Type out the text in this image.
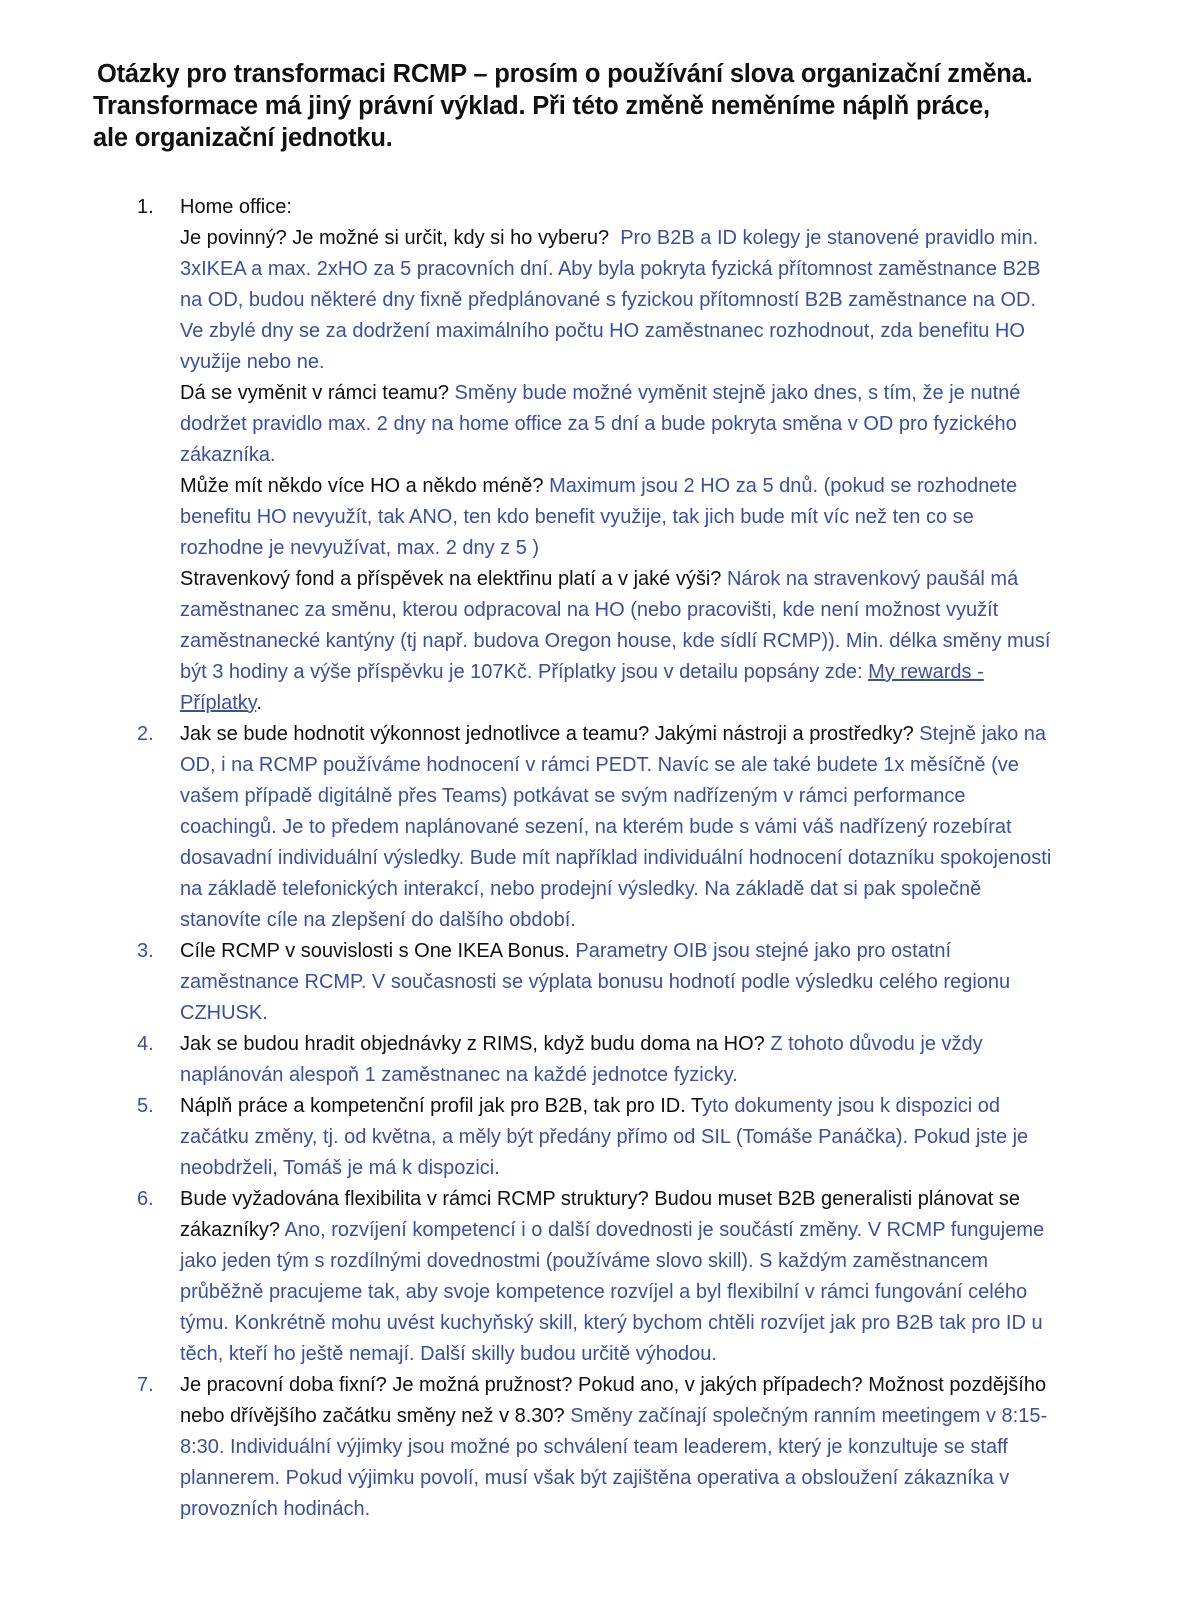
Otázky pro transformaci RCMP – prosím o používání slova organizační změna.
Transformace má jiný právní výklad. Při této změně neměníme náplň práce,
ale organizační jednotku.
1. Home office:
Je povinný? Je možné si určit, kdy si ho vyberu? Pro B2B a ID kolegy je stanovené pravidlo min. 3xIKEA a max. 2xHO za 5 pracovních dní. Aby byla pokryta fyzická přítomnost zaměstnance B2B na OD, budou některé dny fixně předplánované s fyzickou přítomností B2B zaměstnance na OD. Ve zbylé dny se za dodržení maximálního počtu HO zaměstnanec rozhodnout, zda benefitu HO využije nebo ne.
Dá se vyměnit v rámci teamu? Směny bude možné vyměnit stejně jako dnes, s tím, že je nutné dodržet pravidlo max. 2 dny na home office za 5 dní a bude pokryta směna v OD pro fyzického zákazníka.
Může mít někdo více HO a někdo méně? Maximum jsou 2 HO za 5 dnů. (pokud se rozhodnete benefitu HO nevyužít, tak ANO, ten kdo benefit využije, tak jich bude mít víc než ten co se rozhodne je nevyužívat, max. 2 dny z 5 )
Stravenkový fond a příspěvek na elektřinu platí a v jaké výši? Nárok na stravenkový paušál má zaměstnanec za směnu, kterou odpracoval na HO (nebo pracovišti, kde není možnost využít zaměstnanecké kantýny (tj např. budova Oregon house, kde sídlí RCMP)). Min. délka směny musí být 3 hodiny a výše příspěvku je 107Kč. Příplatky jsou v detailu popsány zde: My rewards - Příplatky.
2. Jak se bude hodnotit výkonnost jednotlivce a teamu? Jakými nástroji a prostředky? Stejně jako na OD, i na RCMP používáme hodnocení v rámci PEDT. Navíc se ale také budete 1x měsíčně (ve vašem případě digitálně přes Teams) potkávat se svým nadřízeným v rámci performance coachingů. Je to předem naplánované sezení, na kterém bude s vámi váš nadřízený rozebírat dosavadní individuální výsledky. Bude mít například individuální hodnocení dotazníku spokojenosti na základě telefonických interakcí, nebo prodejní výsledky. Na základě dat si pak společně stanovíte cíle na zlepšení do dalšího období.
3. Cíle RCMP v souvislosti s One IKEA Bonus. Parametry OIB jsou stejné jako pro ostatní zaměstnance RCMP. V současnosti se výplata bonusu hodnotí podle výsledku celého regionu CZHUSK.
4. Jak se budou hradit objednávky z RIMS, když budu doma na HO? Z tohoto důvodu je vždy naplánován alespoň 1 zaměstnanec na každé jednotce fyzicky.
5. Náplň práce a kompetenční profil jak pro B2B, tak pro ID. Tyto dokumenty jsou k dispozici od začátku změny, tj. od května, a měly být předány přímo od SIL (Tomáše Panáčka). Pokud jste je neobdrželi, Tomáš je má k dispozici.
6. Bude vyžadována flexibilita v rámci RCMP struktury? Budou muset B2B generalisti plánovat se zákazníky? Ano, rozvíjení kompetencí i o další dovednosti je součástí změny. V RCMP fungujeme jako jeden tým s rozdílnými dovednostmi (používáme slovo skill). S každým zaměstnancem průběžně pracujeme tak, aby svoje kompetence rozvíjel a byl flexibilní v rámci fungování celého týmu. Konkrétně mohu uvést kuchyňský skill, který bychom chtěli rozvíjet jak pro B2B tak pro ID u těch, kteří ho ještě nemají. Další skilly budou určitě výhodou.
7. Je pracovní doba fixní? Je možná pružnost? Pokud ano, v jakých případech? Možnost pozdějšího nebo dřívějšího začátku směny než v 8.30? Směny začínají společným ranním meetingem v 8:15-8:30. Individuální výjimky jsou možné po schválení team leaderem, který je konzultuje se staff plannerem. Pokud výjimku povolí, musí však být zajištěna operativa a obsloužení zákazníka v provozních hodinách.
